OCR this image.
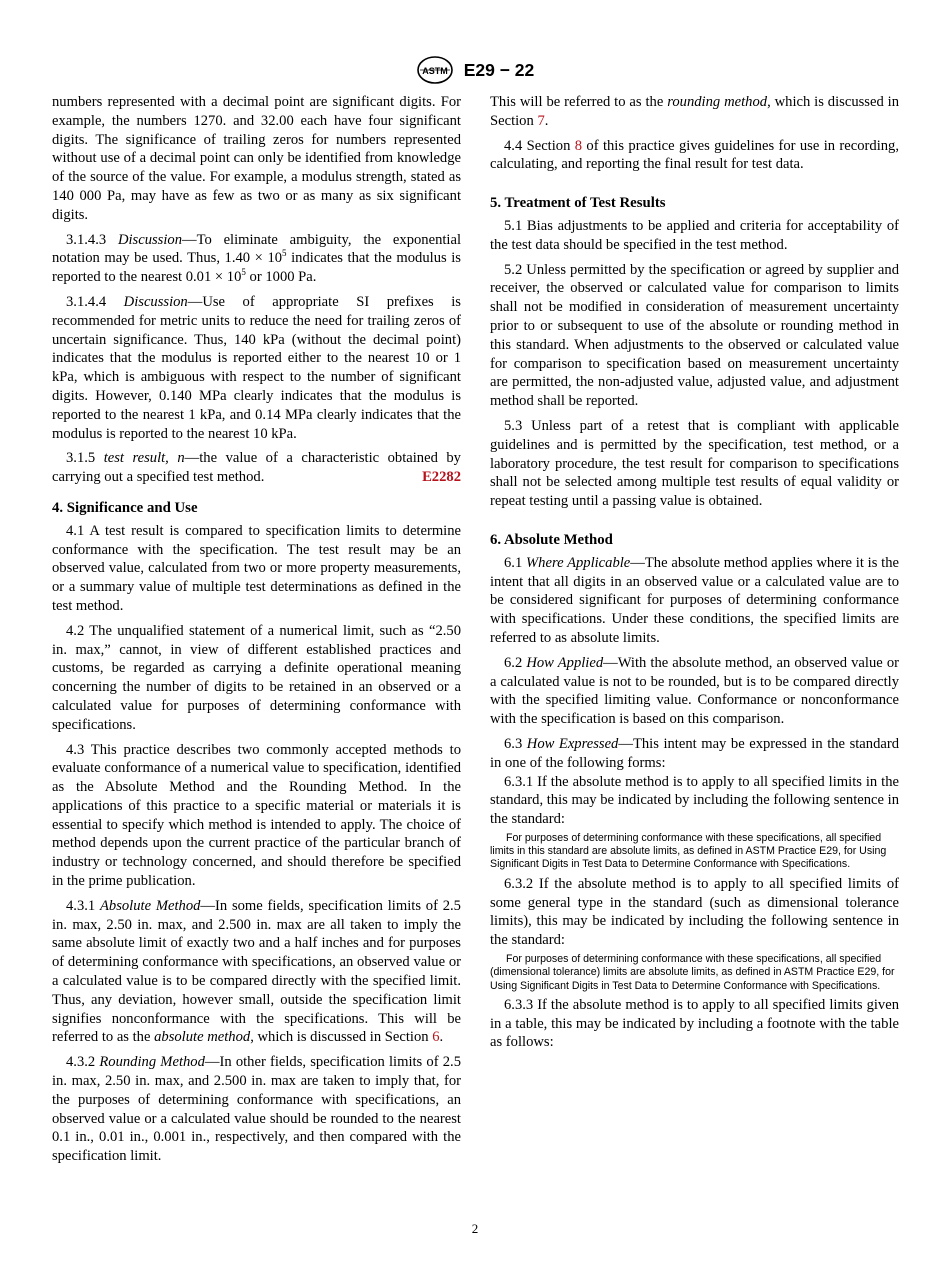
ASTM E29 − 22

numbers represented with a decimal point are significant digits. For example, the numbers 1270. and 32.00 each have four significant digits. The significance of trailing zeros for numbers represented without use of a decimal point can only be identified from knowledge of the source of the value. For example, a modulus strength, stated as 140 000 Pa, may have as few as two or as many as six significant digits.

3.1.4.3 Discussion—To eliminate ambiguity, the exponential notation may be used. Thus, $1.40 \times 10^5$ indicates that the modulus is reported to the nearest $0.01 \times 10^5$ or 1000 Pa.

3.1.4.4 Discussion—Use of appropriate SI prefixes is recommended for metric units to reduce the need for trailing zeros of uncertain significance. Thus, 140 kPa (without the decimal point) indicates that the modulus is reported either to the nearest 10 or 1 kPa, which is ambiguous with respect to the number of significant digits. However, 0.140 MPa clearly indicates that the modulus is reported to the nearest 1 kPa, and 0.14 MPa clearly indicates that the modulus is reported to the nearest 10 kPa.

3.1.5 test result, n—the value of a characteristic obtained by carrying out a specified test method.	E2282

4. Significance and Use

4.1 A test result is compared to specification limits to determine conformance with the specification. The test result may be an observed value, calculated from two or more property measurements, or a summary value of multiple test determinations as defined in the test method.

4.2 The unqualified statement of a numerical limit, such as “2.50 in. max,” cannot, in view of different established practices and customs, be regarded as carrying a definite operational meaning concerning the number of digits to be retained in an observed or a calculated value for purposes of determining conformance with specifications.

4.3 This practice describes two commonly accepted methods to evaluate conformance of a numerical value to specification, identified as the Absolute Method and the Rounding Method. In the applications of this practice to a specific material or materials it is essential to specify which method is intended to apply. The choice of method depends upon the current practice of the particular branch of industry or technology concerned, and should therefore be specified in the prime publication.

4.3.1 Absolute Method—In some fields, specification limits of 2.5 in. max, 2.50 in. max, and 2.500 in. max are all taken to imply the same absolute limit of exactly two and a half inches and for purposes of determining conformance with specifications, an observed value or a calculated value is to be compared directly with the specified limit. Thus, any deviation, however small, outside the specification limit signifies nonconformance with the specifications. This will be referred to as the absolute method, which is discussed in Section 6.

4.3.2 Rounding Method—In other fields, specification limits of 2.5 in. max, 2.50 in. max, and 2.500 in. max are taken to imply that, for the purposes of determining conformance with specifications, an observed value or a calculated value should be rounded to the nearest 0.1 in., 0.01 in., 0.001 in., respectively, and then compared with the specification limit.

This will be referred to as the rounding method, which is discussed in Section 7.

4.4 Section 8 of this practice gives guidelines for use in recording, calculating, and reporting the final result for test data.

5. Treatment of Test Results

5.1 Bias adjustments to be applied and criteria for acceptability of the test data should be specified in the test method.

5.2 Unless permitted by the specification or agreed by supplier and receiver, the observed or calculated value for comparison to limits shall not be modified in consideration of measurement uncertainty prior to or subsequent to use of the absolute or rounding method in this standard. When adjustments to the observed or calculated value for comparison to specification based on measurement uncertainty are permitted, the non-adjusted value, adjusted value, and adjustment method shall be reported.

5.3 Unless part of a retest that is compliant with applicable guidelines and is permitted by the specification, test method, or a laboratory procedure, the test result for comparison to specifications shall not be selected among multiple test results of equal validity or repeat testing until a passing value is obtained.

6. Absolute Method

6.1 Where Applicable—The absolute method applies where it is the intent that all digits in an observed value or a calculated value are to be considered significant for purposes of determining conformance with specifications. Under these conditions, the specified limits are referred to as absolute limits.

6.2 How Applied—With the absolute method, an observed value or a calculated value is not to be rounded, but is to be compared directly with the specified limiting value. Conformance or nonconformance with the specification is based on this comparison.

6.3 How Expressed—This intent may be expressed in the standard in one of the following forms:

6.3.1 If the absolute method is to apply to all specified limits in the standard, this may be indicated by including the following sentence in the standard:

For purposes of determining conformance with these specifications, all specified limits in this standard are absolute limits, as defined in ASTM Practice E29, for Using Significant Digits in Test Data to Determine Conformance with Specifications.

6.3.2 If the absolute method is to apply to all specified limits of some general type in the standard (such as dimensional tolerance limits), this may be indicated by including the following sentence in the standard:

For purposes of determining conformance with these specifications, all specified (dimensional tolerance) limits are absolute limits, as defined in ASTM Practice E29, for Using Significant Digits in Test Data to Determine Conformance with Specifications.

6.3.3 If the absolute method is to apply to all specified limits given in a table, this may be indicated by including a footnote with the table as follows:

2
